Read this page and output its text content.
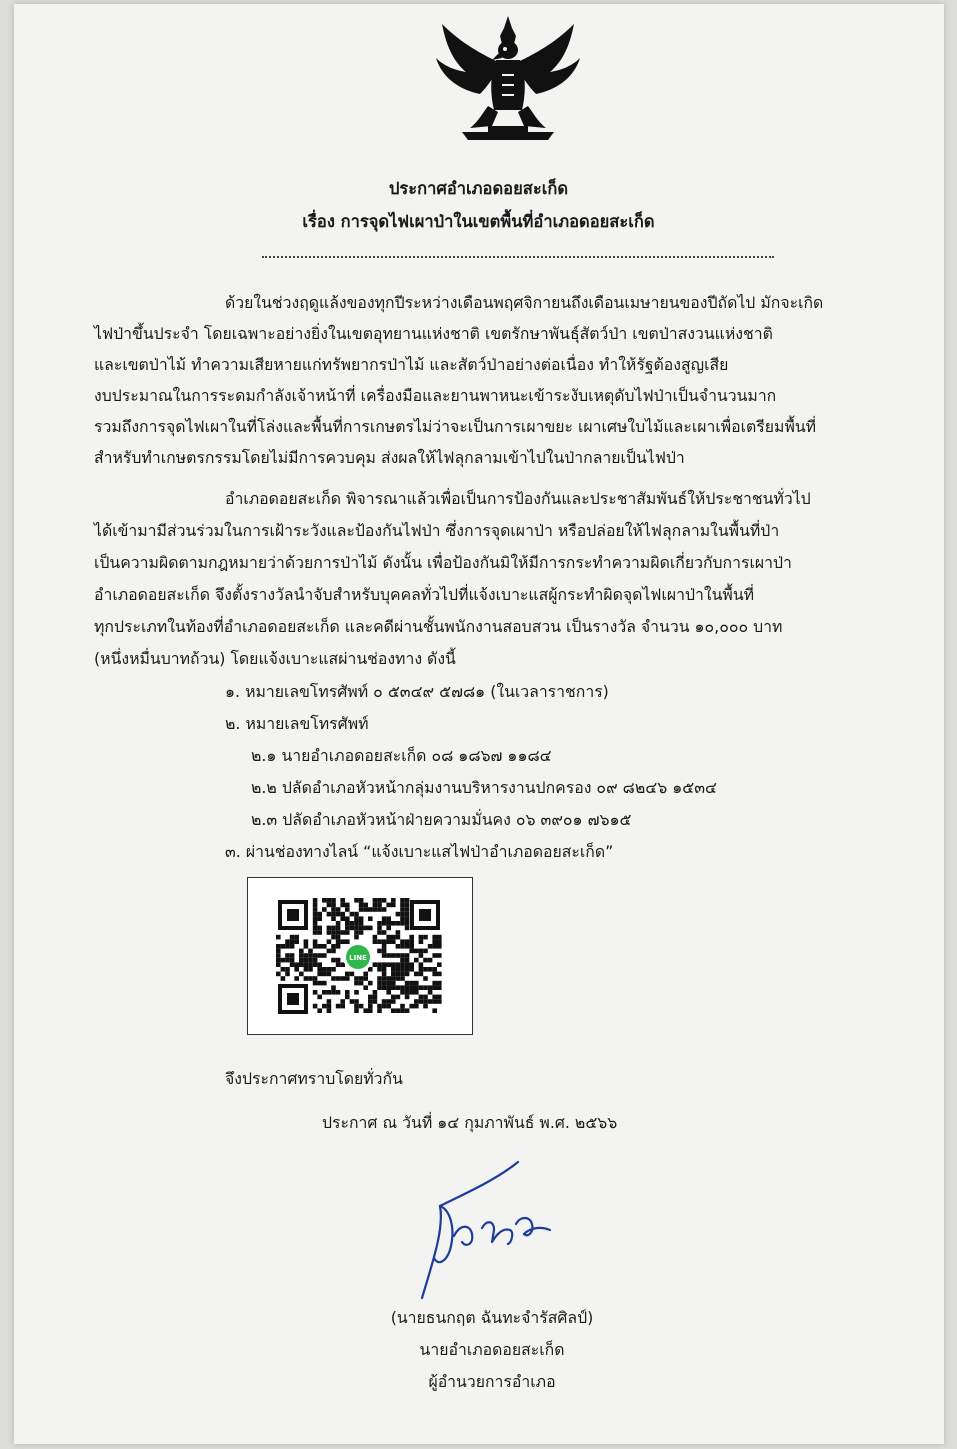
ประกาศอำเภอดอยสะเก็ด
เรื่อง การจุดไฟเผาป่าในเขตพื้นที่อำเภอดอยสะเก็ด
ด้วยในช่วงฤดูแล้งของทุกปีระหว่างเดือนพฤศจิกายนถึงเดือนเมษายนของปีถัดไป มักจะเกิด
ไฟป่าขึ้นประจำ โดยเฉพาะอย่างยิ่งในเขตอุทยานแห่งชาติ เขตรักษาพันธุ์สัตว์ป่า เขตป่าสงวนแห่งชาติ
และเขตป่าไม้ ทำความเสียหายแก่ทรัพยากรป่าไม้ และสัตว์ป่าอย่างต่อเนื่อง ทำให้รัฐต้องสูญเสีย
งบประมาณในการระดมกำลังเจ้าหน้าที่ เครื่องมือและยานพาหนะเข้าระงับเหตุดับไฟป่าเป็นจำนวนมาก
รวมถึงการจุดไฟเผาในที่โล่งและพื้นที่การเกษตรไม่ว่าจะเป็นการเผาขยะ เผาเศษใบไม้และเผาเพื่อเตรียมพื้นที่
สำหรับทำเกษตรกรรมโดยไม่มีการควบคุม ส่งผลให้ไฟลุกลามเข้าไปในป่ากลายเป็นไฟป่า
อำเภอดอยสะเก็ด พิจารณาแล้วเพื่อเป็นการป้องกันและประชาสัมพันธ์ให้ประชาชนทั่วไป
ได้เข้ามามีส่วนร่วมในการเฝ้าระวังและป้องกันไฟป่า ซึ่งการจุดเผาป่า หรือปล่อยให้ไฟลุกลามในพื้นที่ป่า
เป็นความผิดตามกฎหมายว่าด้วยการป่าไม้ ดังนั้น เพื่อป้องกันมิให้มีการกระทำความผิดเกี่ยวกับการเผาป่า
อำเภอดอยสะเก็ด จึงตั้งรางวัลนำจับสำหรับบุคคลทั่วไปที่แจ้งเบาะแสผู้กระทำผิดจุดไฟเผาป่าในพื้นที่
ทุกประเภทในท้องที่อำเภอดอยสะเก็ด และคดีผ่านชั้นพนักงานสอบสวน เป็นรางวัล จำนวน ๑๐,๐๐๐ บาท
(หนึ่งหมื่นบาทถ้วน) โดยแจ้งเบาะแสผ่านช่องทาง ดังนี้
๑. หมายเลขโทรศัพท์ ๐ ๕๓๔๙ ๕๗๘๑ (ในเวลาราชการ)
๒. หมายเลขโทรศัพท์
๒.๑ นายอำเภอดอยสะเก็ด ๐๘ ๑๘๖๗ ๑๑๘๔
๒.๒ ปลัดอำเภอหัวหน้ากลุ่มงานบริหารงานปกครอง ๐๙ ๘๒๔๖ ๑๕๓๔
๒.๓ ปลัดอำเภอหัวหน้าฝ่ายความมั่นคง ๐๖ ๓๙๐๑ ๗๖๑๕
๓. ผ่านช่องทางไลน์ “แจ้งเบาะแสไฟป่าอำเภอดอยสะเก็ด”
LINE
จึงประกาศทราบโดยทั่วกัน
ประกาศ ณ วันที่ ๑๔ กุมภาพันธ์ พ.ศ. ๒๕๖๖
(นายธนกฤต ฉันทะจำรัสศิลป์)
นายอำเภอดอยสะเก็ด
ผู้อำนวยการอำเภอ
